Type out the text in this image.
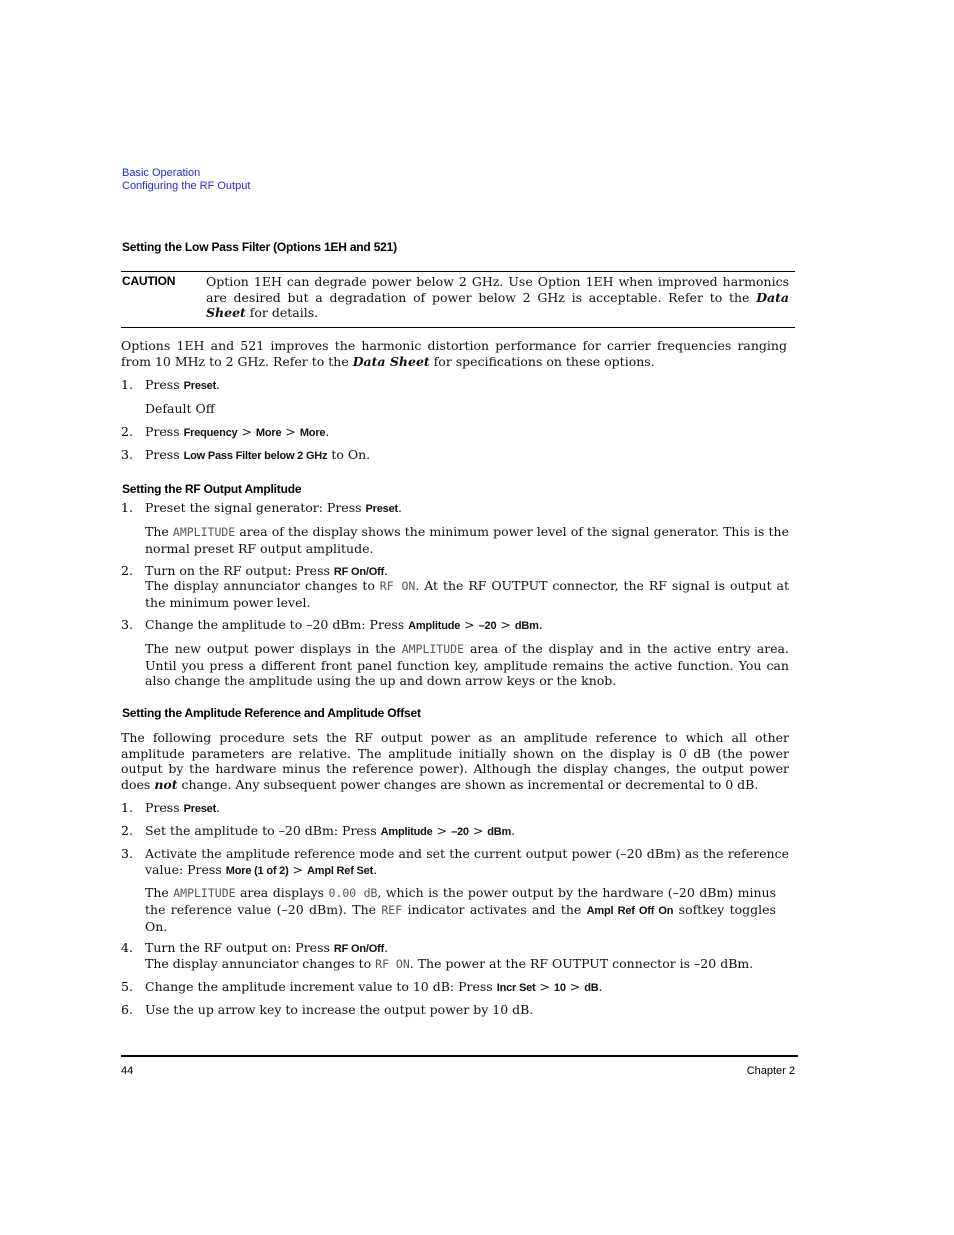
Basic Operation
Configuring the RF Output
Setting the Low Pass Filter (Options 1EH and 521)
CAUTION Option 1EH can degrade power below 2 GHz. Use Option 1EH when improved harmonics are desired but a degradation of power below 2 GHz is acceptable. Refer to the Data Sheet for details.
Options 1EH and 521 improves the harmonic distortion performance for carrier frequencies ranging from 10 MHz to 2 GHz. Refer to the Data Sheet for specifications on these options.
1. Press Preset.
Default Off
2. Press Frequency > More > More.
3. Press Low Pass Filter below 2 GHz to On.
Setting the RF Output Amplitude
1. Preset the signal generator: Press Preset.
The AMPLITUDE area of the display shows the minimum power level of the signal generator. This is the normal preset RF output amplitude.
2. Turn on the RF output: Press RF On/Off.
The display annunciator changes to RF ON. At the RF OUTPUT connector, the RF signal is output at the minimum power level.
3. Change the amplitude to –20 dBm: Press Amplitude > –20 > dBm.
The new output power displays in the AMPLITUDE area of the display and in the active entry area. Until you press a different front panel function key, amplitude remains the active function. You can also change the amplitude using the up and down arrow keys or the knob.
Setting the Amplitude Reference and Amplitude Offset
The following procedure sets the RF output power as an amplitude reference to which all other amplitude parameters are relative. The amplitude initially shown on the display is 0 dB (the power output by the hardware minus the reference power). Although the display changes, the output power does not change. Any subsequent power changes are shown as incremental or decremental to 0 dB.
1. Press Preset.
2. Set the amplitude to –20 dBm: Press Amplitude > –20 > dBm.
3. Activate the amplitude reference mode and set the current output power (–20 dBm) as the reference value: Press More (1 of 2) > Ampl Ref Set.
The AMPLITUDE area displays 0.00 dB, which is the power output by the hardware (–20 dBm) minus the reference value (–20 dBm). The REF indicator activates and the Ampl Ref Off On softkey toggles On.
4. Turn the RF output on: Press RF On/Off.
The display annunciator changes to RF ON. The power at the RF OUTPUT connector is –20 dBm.
5. Change the amplitude increment value to 10 dB: Press Incr Set > 10 > dB.
6. Use the up arrow key to increase the output power by 10 dB.
44	Chapter 2
